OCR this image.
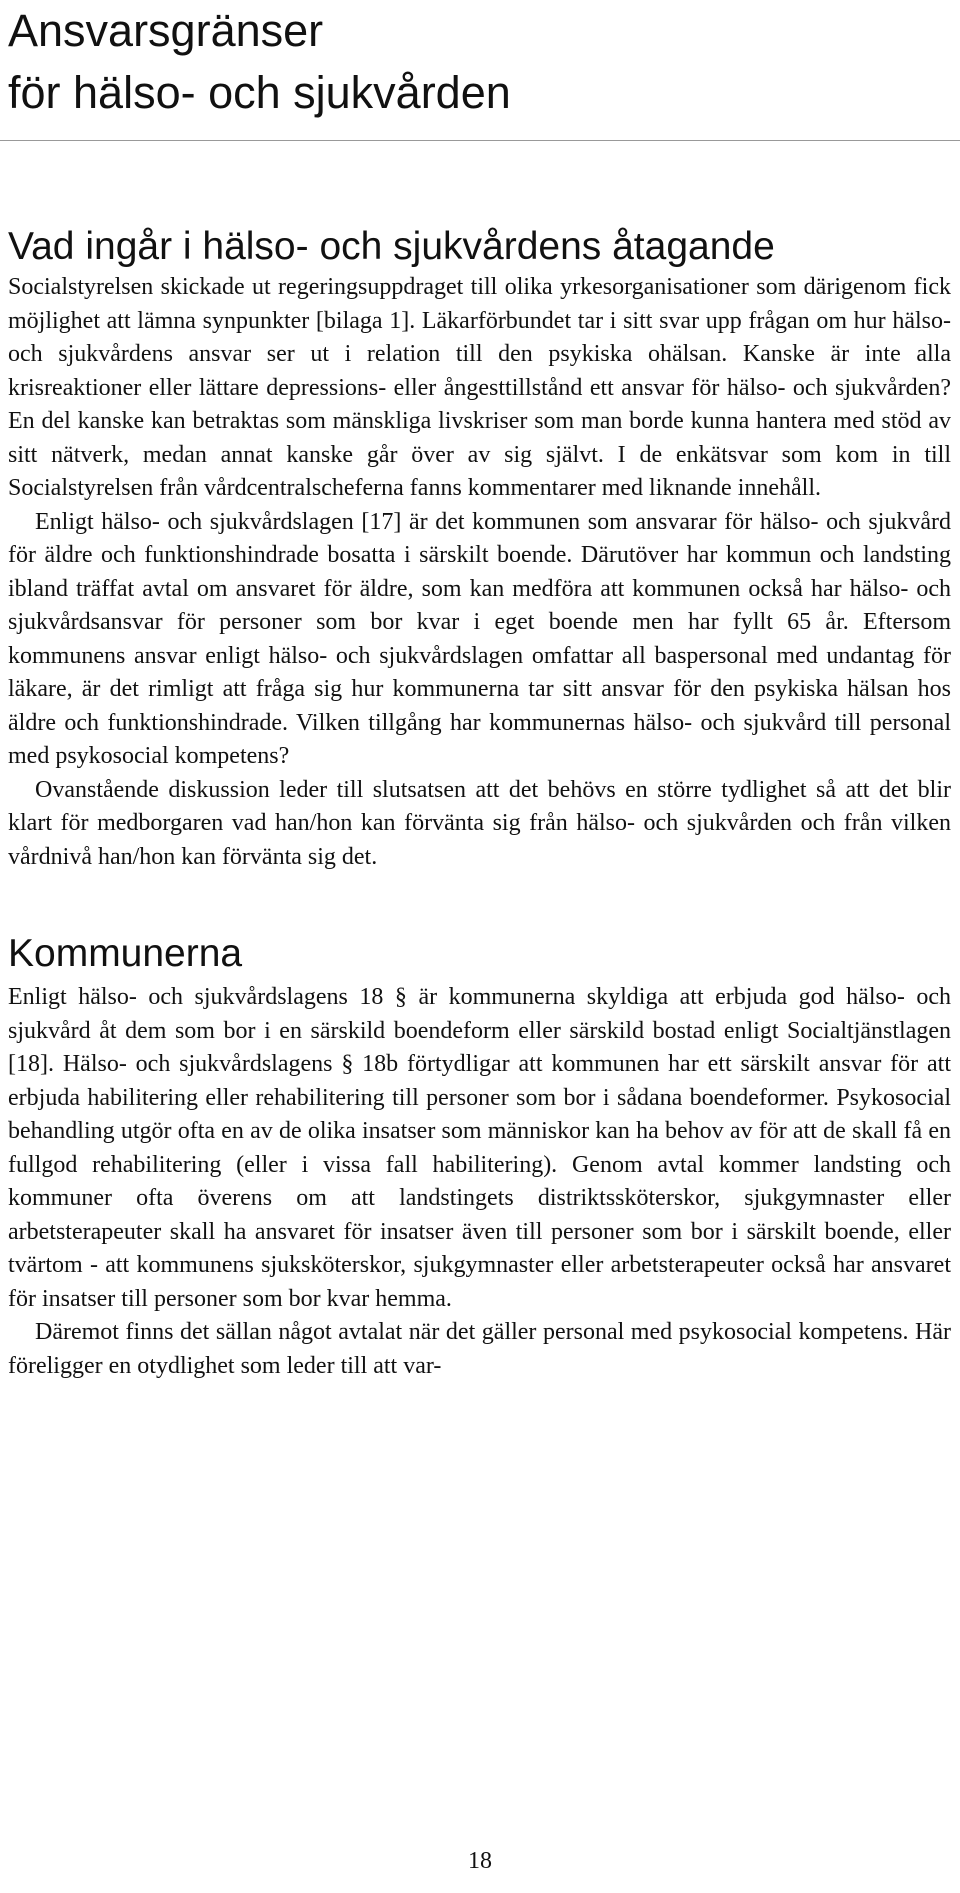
Ansvarsgränser
för hälso- och sjukvården
Vad ingår i hälso- och sjukvårdens åtagande

Socialstyrelsen skickade ut regeringsuppdraget till olika yrkesorganisationer som därigenom fick möjlighet att lämna synpunkter [bilaga 1]. Läkarförbundet tar i sitt svar upp frågan om hur hälso- och sjukvårdens ansvar ser ut i relation till den psykiska ohälsan. Kanske är inte alla krisreaktioner eller lättare depressions- eller ångesttillstånd ett ansvar för hälso- och sjukvården? En del kanske kan betraktas som mänskliga livskriser som man borde kunna hantera med stöd av sitt nätverk, medan annat kanske går över av sig självt. I de enkätsvar som kom in till Socialstyrelsen från vårdcentralscheferna fanns kommentarer med liknande innehåll.

Enligt hälso- och sjukvårdslagen [17] är det kommunen som ansvarar för hälso- och sjukvård för äldre och funktionshindrade bosatta i särskilt boende. Därutöver har kommun och landsting ibland träffat avtal om ansvaret för äldre, som kan medföra att kommunen också har hälso- och sjukvårdsansvar för personer som bor kvar i eget boende men har fyllt 65 år. Eftersom kommunens ansvar enligt hälso- och sjukvårdslagen omfattar all baspersonal med undantag för läkare, är det rimligt att fråga sig hur kommunerna tar sitt ansvar för den psykiska hälsan hos äldre och funktionshindrade. Vilken tillgång har kommunernas hälso- och sjukvård till personal med psykosocial kompetens?

Ovanstående diskussion leder till slutsatsen att det behövs en större tydlighet så att det blir klart för medborgaren vad han/hon kan förvänta sig från hälso- och sjukvården och från vilken vårdnivå han/hon kan förvänta sig det.

Kommunerna

Enligt hälso- och sjukvårdslagens 18 § är kommunerna skyldiga att erbjuda god hälso- och sjukvård åt dem som bor i en särskild boendeform eller särskild bostad enligt Socialtjänstlagen [18]. Hälso- och sjukvårdslagens § 18b förtydligar att kommunen har ett särskilt ansvar för att erbjuda habilitering eller rehabilitering till personer som bor i sådana boendeformer. Psykosocial behandling utgör ofta en av de olika insatser som människor kan ha behov av för att de skall få en fullgod rehabilitering (eller i vissa fall habilitering). Genom avtal kommer landsting och kommuner ofta överens om att landstingets distriktssköterskor, sjukgymnaster eller arbetsterapeuter skall ha ansvaret för insatser även till personer som bor i särskilt boende, eller tvärtom - att kommunens sjuksköterskor, sjukgymnaster eller arbetsterapeuter också har ansvaret för insatser till personer som bor kvar hemma.

Däremot finns det sällan något avtalat när det gäller personal med psykosocial kompetens. Här föreligger en otydlighet som leder till att var-

18
